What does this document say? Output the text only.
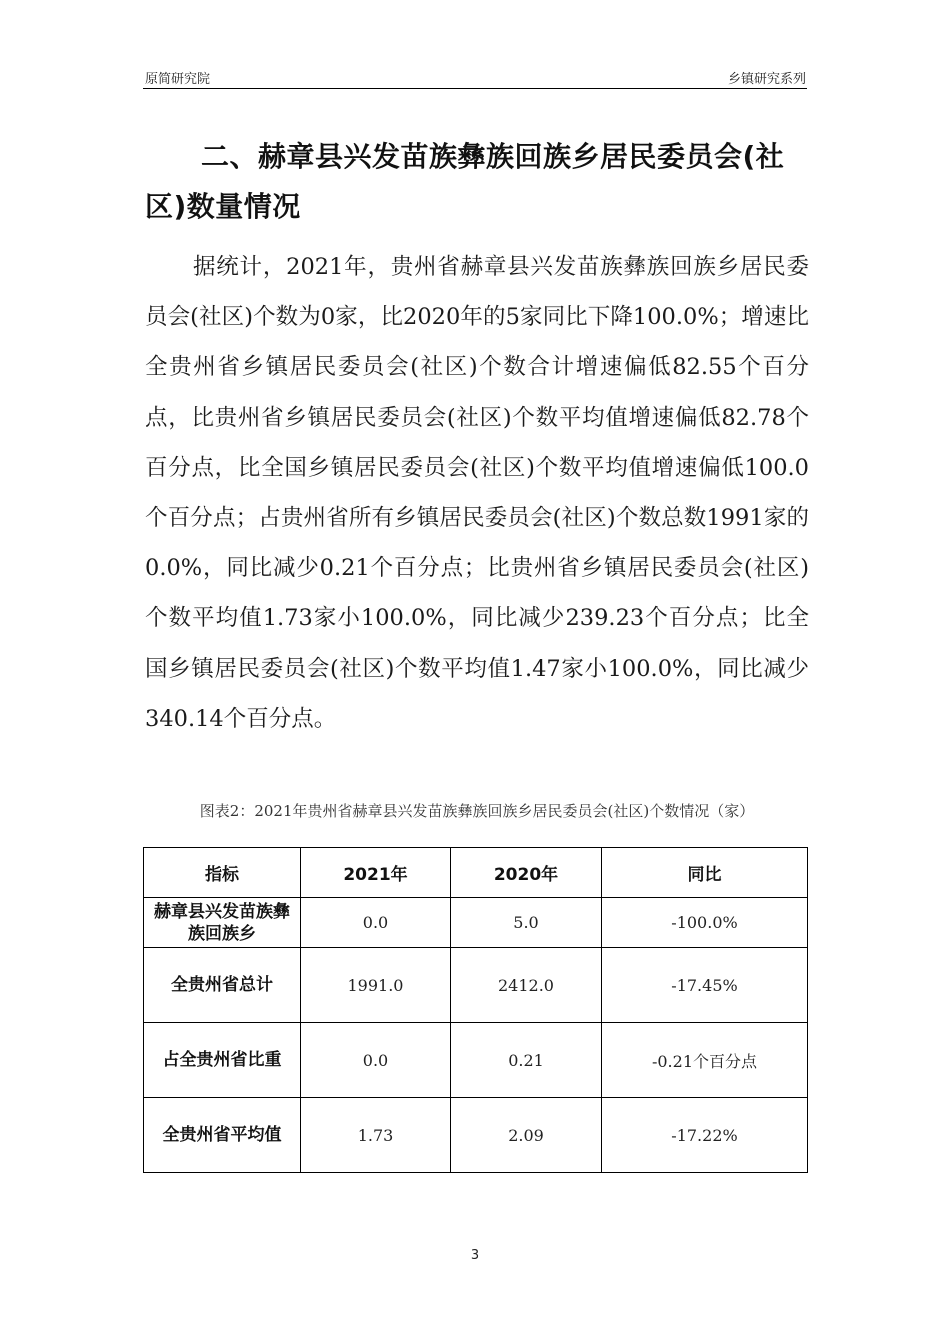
原简研究院	乡镇研究系列
二、赫章县兴发苗族彝族回族乡居民委员会(社区)数量情况

据统计，2021年，贵州省赫章县兴发苗族彝族回族乡居民委员会(社区)个数为0家，比2020年的5家同比下降100.0%；增速比全贵州省乡镇居民委员会(社区)个数合计增速偏低82.55个百分点，比贵州省乡镇居民委员会(社区)个数平均值增速偏低82.78个百分点，比全国乡镇居民委员会(社区)个数平均值增速偏低100.0个百分点；占贵州省所有乡镇居民委员会(社区)个数总数1991家的0.0%，同比减少0.21个百分点；比贵州省乡镇居民委员会(社区)个数平均值1.73家小100.0%，同比减少239.23个百分点；比全国乡镇居民委员会(社区)个数平均值1.47家小100.0%，同比减少340.14个百分点。

图表2：2021年贵州省赫章县兴发苗族彝族回族乡居民委员会(社区)个数情况（家）

指标	2021年	2020年	同比
赫章县兴发苗族彝族回族乡	0.0	5.0	-100.0%
全贵州省总计	1991.0	2412.0	-17.45%
占全贵州省比重	0.0	0.21	-0.21个百分点
全贵州省平均值	1.73	2.09	-17.22%
3
